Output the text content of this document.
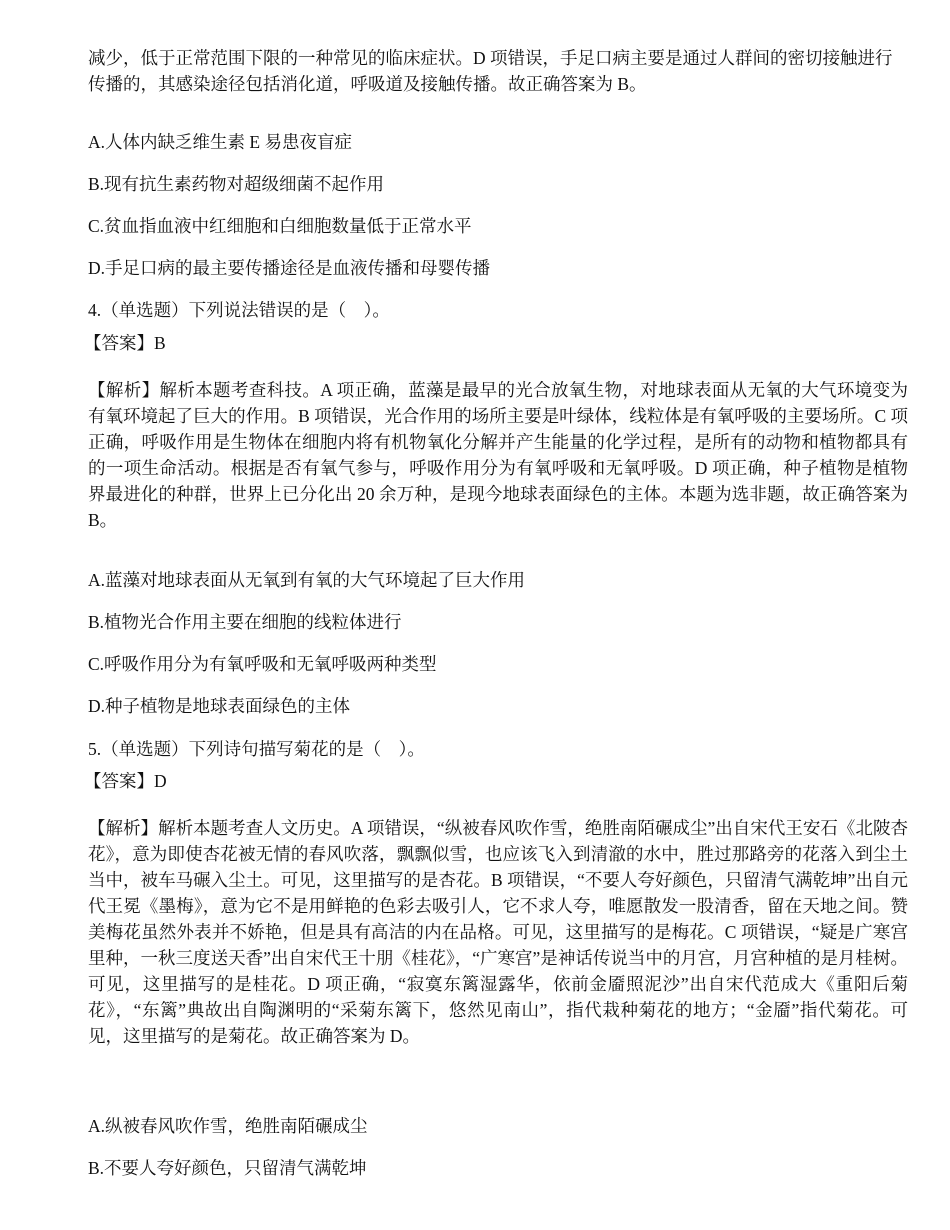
减少，低于正常范围下限的一种常见的临床症状。D 项错误，手足口病主要是通过人群间的密切接触进行传播的，其感染途径包括消化道，呼吸道及接触传播。故正确答案为 B。

A.人体内缺乏维生素 E 易患夜盲症
B.现有抗生素药物对超级细菌不起作用
C.贫血指血液中红细胞和白细胞数量低于正常水平
D.手足口病的最主要传播途径是血液传播和母婴传播
4.（单选题）下列说法错误的是（　）。
【答案】B
【解析】解析本题考查科技。A 项正确，蓝藻是最早的光合放氧生物，对地球表面从无氧的大气环境变为有氧环境起了巨大的作用。B 项错误，光合作用的场所主要是叶绿体，线粒体是有氧呼吸的主要场所。C 项正确，呼吸作用是生物体在细胞内将有机物氧化分解并产生能量的化学过程，是所有的动物和植物都具有的一项生命活动。根据是否有氧气参与，呼吸作用分为有氧呼吸和无氧呼吸。D 项正确，种子植物是植物界最进化的种群，世界上已分化出 20 余万种，是现今地球表面绿色的主体。本题为选非题，故正确答案为 B。
A.蓝藻对地球表面从无氧到有氧的大气环境起了巨大作用
B.植物光合作用主要在细胞的线粒体进行
C.呼吸作用分为有氧呼吸和无氧呼吸两种类型
D.种子植物是地球表面绿色的主体
5.（单选题）下列诗句描写菊花的是（　）。
【答案】D
【解析】解析本题考查人文历史。A 项错误，“纵被春风吹作雪，绝胜南陌碾成尘”出自宋代王安石《北陂杏花》，意为即使杏花被无情的春风吹落，飘飘似雪，也应该飞入到清澈的水中，胜过那路旁的花落入到尘土当中，被车马碾入尘土。可见，这里描写的是杏花。B 项错误，“不要人夸好颜色，只留清气满乾坤”出自元代王冕《墨梅》，意为它不是用鲜艳的色彩去吸引人，它不求人夸，唯愿散发一股清香，留在天地之间。赞美梅花虽然外表并不娇艳，但是具有高洁的内在品格。可见，这里描写的是梅花。C 项错误，“疑是广寒宫里种，一秋三度送天香”出自宋代王十朋《桂花》，“广寒宫”是神话传说当中的月宫，月宫种植的是月桂树。可见，这里描写的是桂花。D 项正确，“寂寞东篱湿露华，依前金靥照泥沙”出自宋代范成大《重阳后菊花》，“东篱”典故出自陶渊明的“采菊东篱下，悠然见南山”，指代栽种菊花的地方；“金靥”指代菊花。可见，这里描写的是菊花。故正确答案为 D。
A.纵被春风吹作雪，绝胜南陌碾成尘
B.不要人夸好颜色，只留清气满乾坤
